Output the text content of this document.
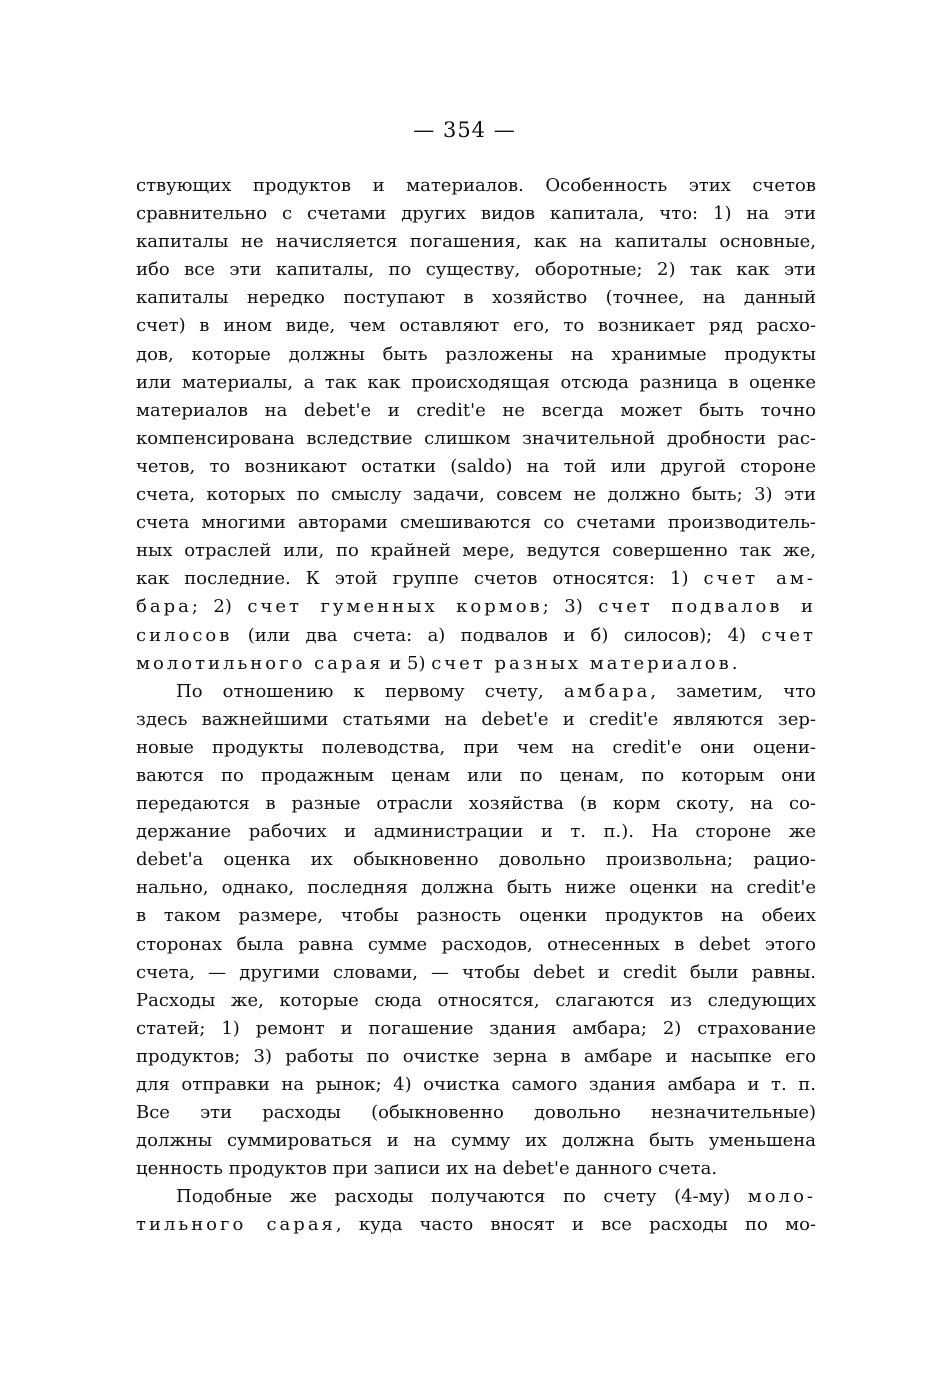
— 354 —
ствующих продуктов и материалов. Особенность этих счетов
сравнительно с счетами других видов капитала, что: 1) на эти
капиталы не начисляется погашения, как на капиталы основные,
ибо все эти капиталы, по существу, оборотные; 2) так как эти
капиталы нередко поступают в хозяйство (точнее, на данный
счет) в ином виде, чем оставляют его, то возникает ряд расхо-
дов, которые должны быть разложены на хранимые продукты
или материалы, а так как происходящая отсюда разница в оценке
материалов на debet'е и credit'е не всегда может быть точно
компенсирована вследствие слишком значительной дробности рас-
четов, то возникают остатки (saldo) на той или другой стороне
счета, которых по смыслу задачи, совсем не должно быть; 3) эти
счета многими авторами смешиваются со счетами производитель-
ных отраслей или, по крайней мере, ведутся совершенно так же,
как последние. К этой группе счетов относятся: 1) счет ам-
бара; 2) счет гуменных кормов; 3) счет подвалов и
силосов (или два счета: а) подвалов и б) силосов); 4) счет
молотильного сарая и 5) счет разных материалов.
По отношению к первому счету, амбара, заметим, что
здесь важнейшими статьями на debet'е и credit'е являются зер-
новые продукты полеводства, при чем на credit'е они оцени-
ваются по продажным ценам или по ценам, по которым они
передаются в разные отрасли хозяйства (в корм скоту, на со-
держание рабочих и администрации и т. п.). На стороне же
debet'а оценка их обыкновенно довольно произвольна; рацио-
нально, однако, последняя должна быть ниже оценки на credit'е
в таком размере, чтобы разность оценки продуктов на обеих
сторонах была равна сумме расходов, отнесенных в debet этого
счета, — другими словами, — чтобы debet и credit были равны.
Расходы же, которые сюда относятся, слагаются из следующих
статей; 1) ремонт и погашение здания амбара; 2) страхование
продуктов; 3) работы по очистке зерна в амбаре и насыпке его
для отправки на рынок; 4) очистка самого здания амбара и т. п.
Все эти расходы (обыкновенно довольно незначительные)
должны суммироваться и на сумму их должна быть уменьшена
ценность продуктов при записи их на debet'е данного счета.
Подобные же расходы получаются по счету (4-му) моло-
тильного сарая, куда часто вносят и все расходы по мо-
